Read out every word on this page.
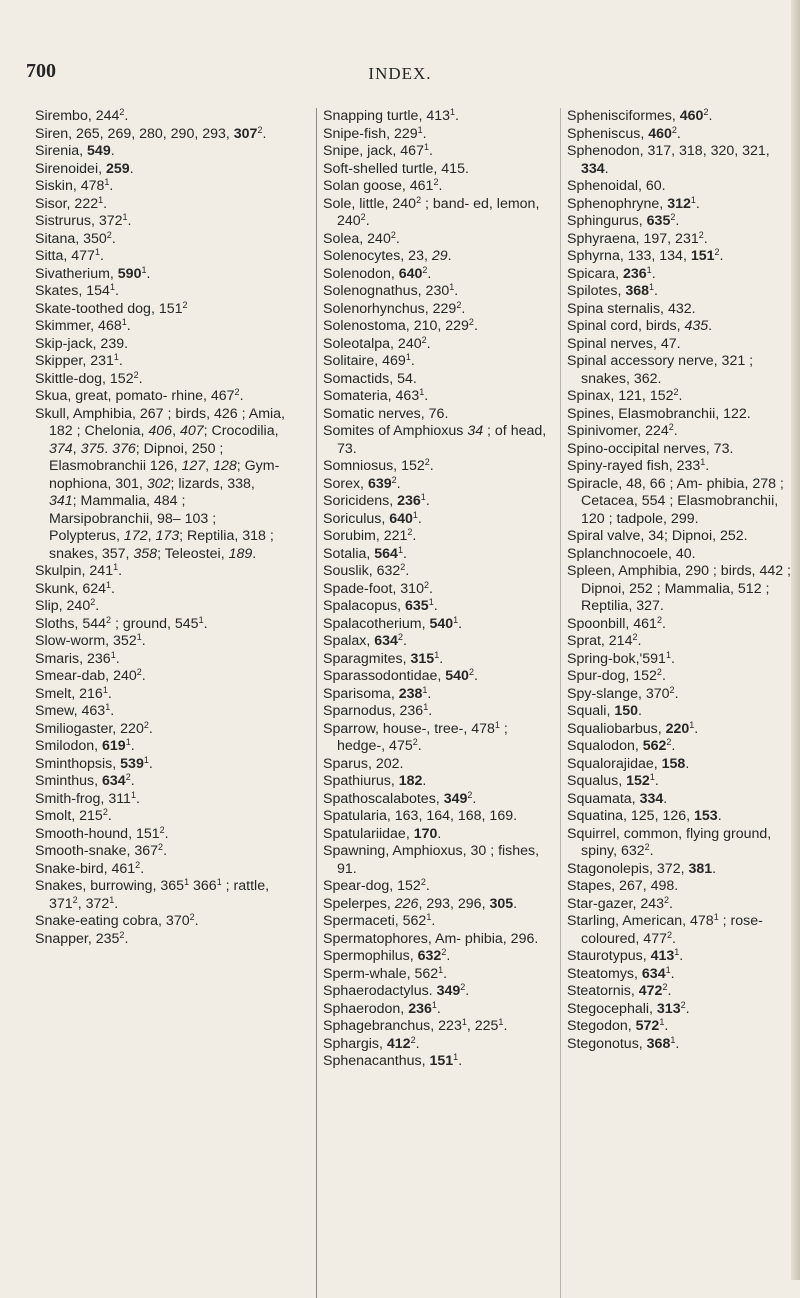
700	INDEX.
Sirembo, $244^2$.
Siren, 265, 269, 280, 290, 293, $307^2$.
Sirenia, 549.
Sirenoidei, 259.
Siskin, $478^1$.
Sisor, $222^1$.
Sistrurus, $372^1$.
Sitana, $350^2$.
Sitta, $477^1$.
Sivatherium, $590^1$.
Skates, $154^1$.
Skate-toothed dog, $151^2$
Skimmer, $468^1$.
Skip-jack, 239.
Skipper, $231^1$.
Skittle-dog, $152^2$.
Skua, great, pomato- rhine, $467^2$.
Skull, Amphibia, 267 ; birds, 426 ; Amia, 182 ; Chelonia, 406, 407; Crocodilia, 374, 375. 376; Dipnoi, 250 ; Elasmobranchii 126, 127, 128; Gym- nophiona, 301, 302; lizards, 338, 341; Mammalia, 484 ; Marsipobranchii, 98– 103 ; Polypterus, 172, 173; Reptilia, 318 ; snakes, 357, 358; Teleostei, 189.
Skulpin, $241^1$.
Skunk, $624^1$.
Slip, $240^2$.
Sloths, $544^2$ ; ground, $545^1$.
Slow-worm, $352^1$.
Smaris, $236^1$.
Smear-dab, $240^2$.
Smelt, $216^1$.
Smew, $463^1$.
Smiliogaster, $220^2$.
Smilodon, $619^1$.
Sminthopsis, $539^1$.
Sminthus, $634^2$.
Smith-frog, $311^1$.
Smolt, $215^2$.
Smooth-hound, $151^2$.
Smooth-snake, $367^2$.
Snake-bird, $461^2$.
Snakes, burrowing, $365^1$ $366^1$ ; rattle, $371^2$, $372^1$.
Snake-eating cobra, $370^2$.
Snapper, $235^2$.
Snapping turtle, $413^1$.
Snipe-fish, $229^1$.
Snipe, jack, $467^1$.
Soft-shelled turtle, 415.
Solan goose, $461^2$.
Sole, little, $240^2$ ; band- ed, lemon, $240^2$.
Solea, $240^2$.
Solenocytes, 23, 29.
Solenodon, $640^2$.
Solenognathus, $230^1$.
Solenorhynchus, $229^2$.
Solenostoma, 210, $229^2$.
Soleotalpa, $240^2$.
Solitaire, $469^1$.
Somactids, 54.
Somateria, $463^1$.
Somatic nerves, 76.
Somites of Amphioxus 34 ; of head, 73.
Somniosus, $152^2$.
Sorex, $639^2$.
Soricidens, $236^1$.
Soriculus, $640^1$.
Sorubim, $221^2$.
Sotalia, $564^1$.
Souslik, $632^2$.
Spade-foot, $310^2$.
Spalacopus, $635^1$.
Spalacotherium, $540^1$.
Spalax, $634^2$.
Sparagmites, $315^1$.
Sparassodontidae, $540^2$.
Sparisoma, $238^1$.
Sparnodus, $236^1$.
Sparrow, house-, tree-, $478^1$ ; hedge-, $475^2$.
Sparus, 202.
Spathiurus, 182.
Spathoscalabotes, $349^2$.
Spatularia, 163, 164, 168, 169.
Spatulariidae, 170.
Spawning, Amphioxus, 30 ; fishes, 91.
Spear-dog, $152^2$.
Spelerpes, 226, 293, 296, 305.
Spermaceti, $562^1$.
Spermatophores, Am- phibia, 296.
Spermophilus, $632^2$.
Sperm-whale, $562^1$.
Sphaerodactylus. $349^2$.
Sphaerodon, $236^1$.
Sphagebranchus, $223^1$, $225^1$.
Sphargis, $412^2$.
Sphenacanthus, $151^1$.
Sphenisciformes, $460^2$.
Spheniscus, $460^2$.
Sphenodon, 317, 318, 320, 321, 334.
Sphenoidal, 60.
Sphenophryne, $312^1$.
Sphingurus, $635^2$.
Sphyraena, 197, $231^2$.
Sphyrna, 133, 134, $151^2$.
Spicara, $236^1$.
Spilotes, $368^1$.
Spina sternalis, 432.
Spinal cord, birds, 435.
Spinal nerves, 47.
Spinal accessory nerve, 321 ; snakes, 362.
Spinax, 121, $152^2$.
Spines, Elasmobranchii, 122.
Spinivomer, $224^2$.
Spino-occipital nerves, 73.
Spiny-rayed fish, $233^1$.
Spiracle, 48, 66 ; Am- phibia, 278 ; Cetacea, 554 ; Elasmobranchii, 120 ; tadpole, 299.
Spiral valve, 34; Dipnoi, 252.
Splanchnocoele, 40.
Spleen, Amphibia, 290 ; birds, 442 ; Dipnoi, 252 ; Mammalia, 512 ; Reptilia, 327.
Spoonbill, $461^2$.
Sprat, $214^2$.
Spring-$bok,'591^1$.
Spur-dog, $152^2$.
Spy-slange, $370^2$.
Squali, 150.
Squaliobarbus, $220^1$.
Squalodon, $562^2$.
Squalorajidae, 158.
Squalus, $152^1$.
Squamata, 334.
Squatina, 125, 126, 153.
Squirrel, common, flying ground, spiny, $632^2$.
Stagonolepis, 372, 381.
Stapes, 267, 498.
Star-gazer, $243^2$.
Starling, American, $478^1$ ; rose-coloured, $477^2$.
Staurotypus, $413^1$.
Steatomys, $634^1$.
Steatornis, $472^2$.
Stegocephali, $313^2$.
Stegodon, $572^1$.
Stegonotus, $368^1$.
